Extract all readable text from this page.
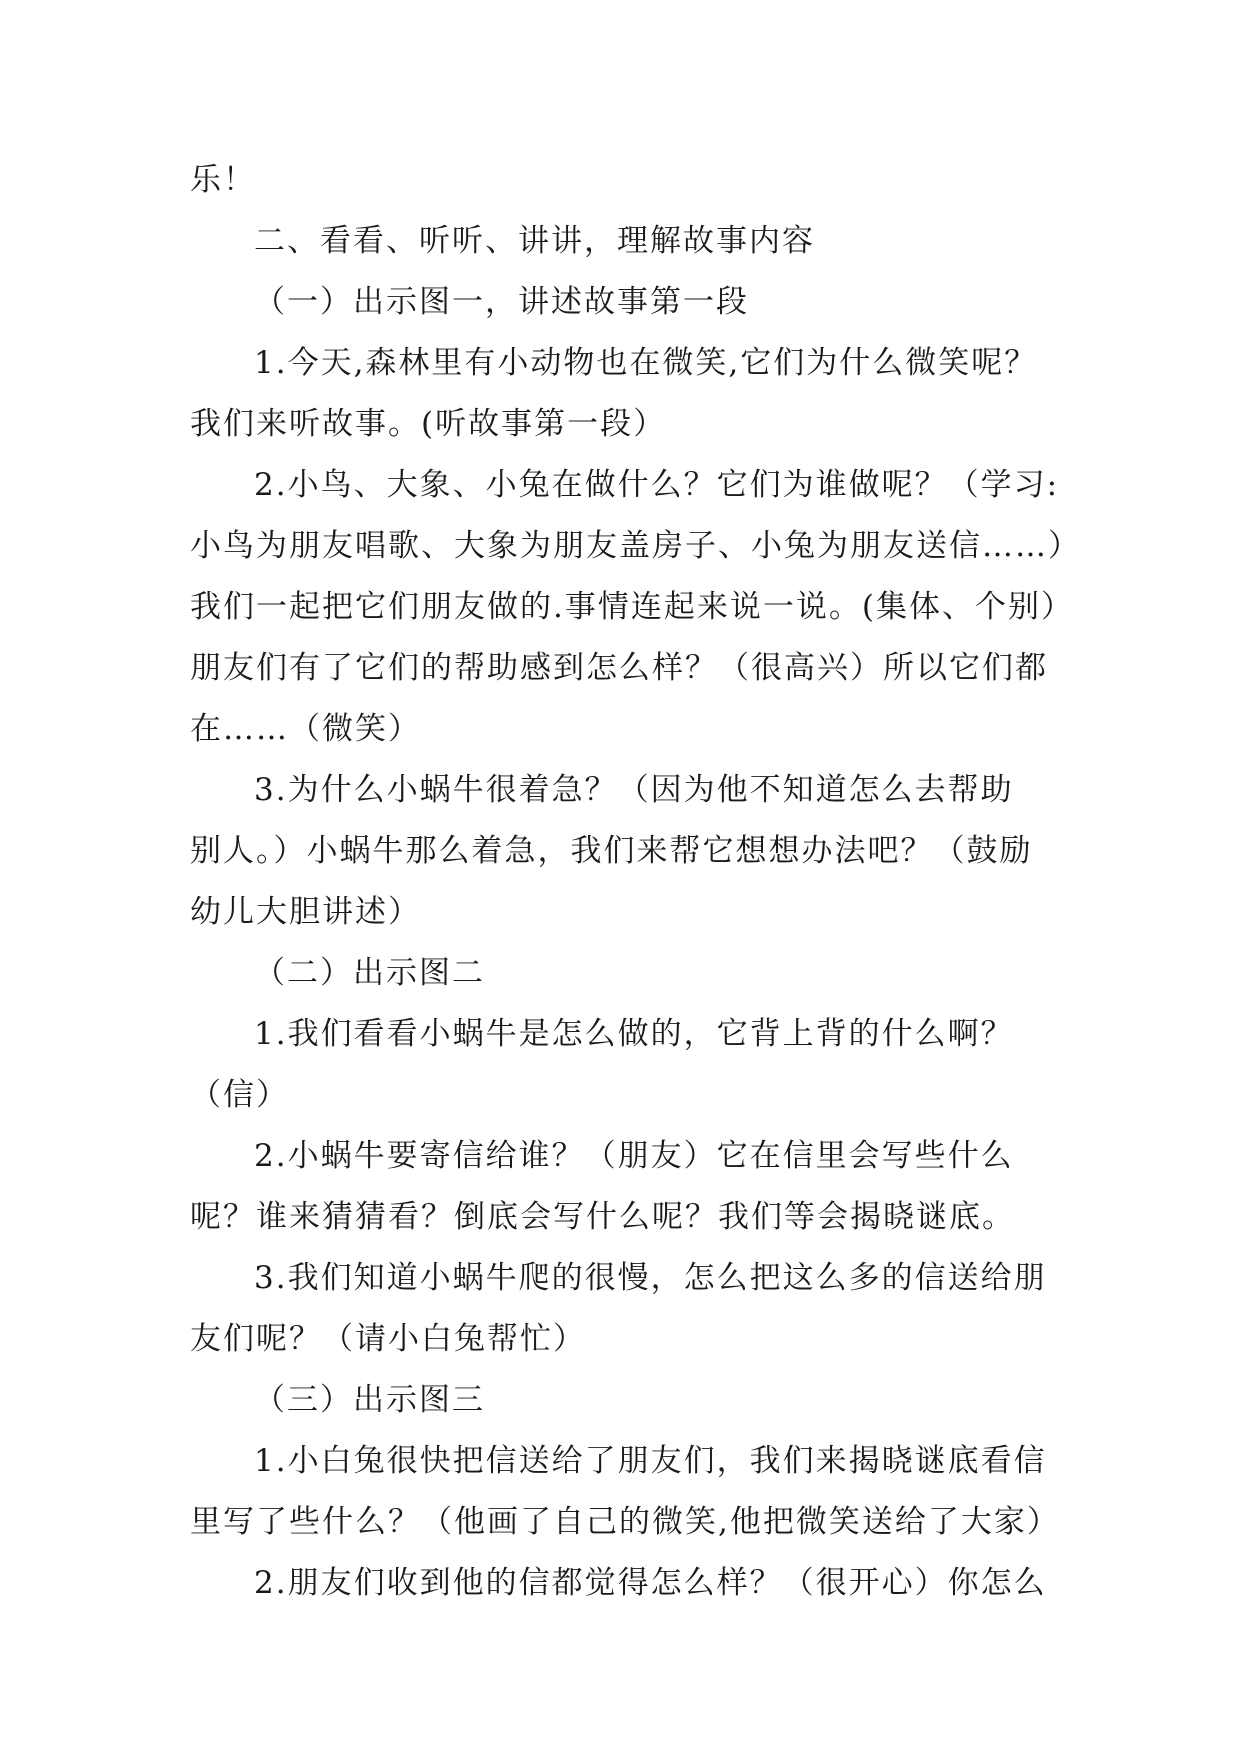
乐！
二、看看、听听、讲讲，理解故事内容
（一）出示图一，讲述故事第一段
1.今天,森林里有小动物也在微笑,它们为什么微笑呢？
我们来听故事。(听故事第一段）
2.小鸟、大象、小兔在做什么？它们为谁做呢？（学习:
小鸟为朋友唱歌、大象为朋友盖房子、小兔为朋友送信……）
我们一起把它们朋友做的.事情连起来说一说。(集体、个别）
朋友们有了它们的帮助感到怎么样？（很高兴）所以它们都
在……（微笑）
3.为什么小蜗牛很着急？（因为他不知道怎么去帮助
别人。）小蜗牛那么着急，我们来帮它想想办法吧？（鼓励
幼儿大胆讲述）
（二）出示图二
1.我们看看小蜗牛是怎么做的，它背上背的什么啊？
（信）
2.小蜗牛要寄信给谁？（朋友）它在信里会写些什么
呢？谁来猜猜看？倒底会写什么呢？我们等会揭晓谜底。
3.我们知道小蜗牛爬的很慢，怎么把这么多的信送给朋
友们呢？（请小白兔帮忙）
（三）出示图三
1.小白兔很快把信送给了朋友们，我们来揭晓谜底看信
里写了些什么？（他画了自己的微笑,他把微笑送给了大家）
2.朋友们收到他的信都觉得怎么样？（很开心）你怎么
